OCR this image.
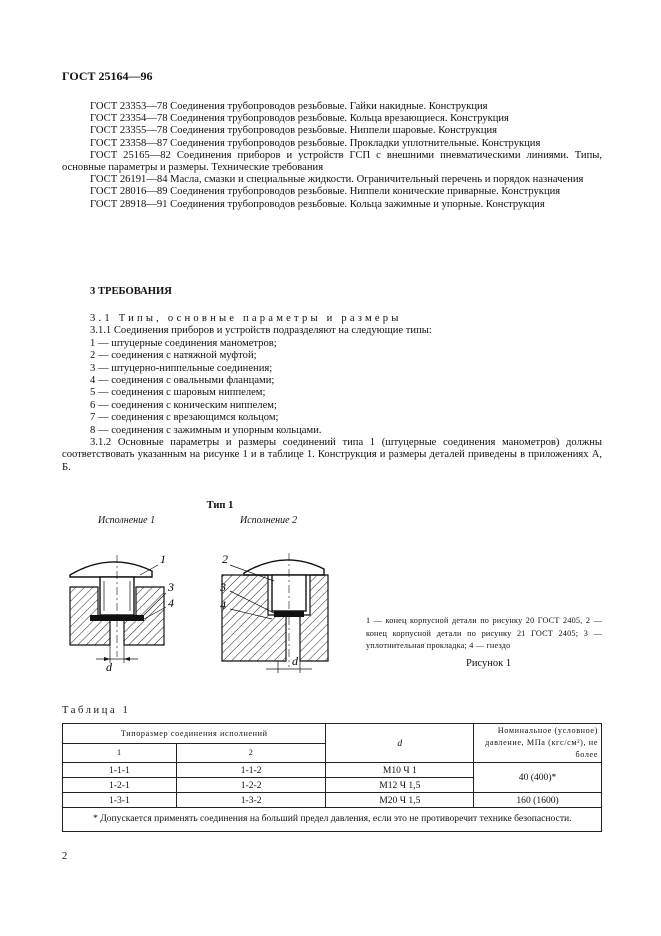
ГОСТ 25164—96

ГОСТ 23353—78 Соединения трубопроводов резьбовые. Гайки накидные. Конструкция

ГОСТ 23354—78 Соединения трубопроводов резьбовые. Кольца врезающиеся. Конструкция

ГОСТ 23355—78 Соединения трубопроводов резьбовые. Ниппели шаровые. Конструкция

ГОСТ 23358—87 Соединения трубопроводов резьбовые. Прокладки уплотнительные. Конструкция

ГОСТ 25165—82 Соединения приборов и устройств ГСП с внешними пневматическими линиями. Типы, основные параметры и размеры. Технические требования

ГОСТ 26191—84 Масла, смазки и специальные жидкости. Ограничительный перечень и порядок назначения

ГОСТ 28016—89 Соединения трубопроводов резьбовые. Ниппели конические приварные. Конструкция

ГОСТ 28918—91 Соединения трубопроводов резьбовые. Кольца зажимные и упорные. Конструкция

3 ТРЕБОВАНИЯ

3.1 Типы, основные параметры и размеры

3.1.1 Соединения приборов и устройств подразделяют на следующие типы:

1 — штуцерные соединения манометров;

2 — соединения с натяжной муфтой;

3 — штуцерно-ниппельные соединения;

4 — соединения с овальными фланцами;

5 — соединения с шаровым ниппелем;

6 — соединения с коническим ниппелем;

7 — соединения с врезающимся кольцом;

8 — соединения с зажимным и упорным кольцами.

3.1.2 Основные параметры и размеры соединений типа 1 (штуцерные соединения манометров) должны соответствовать указанным на рисунке 1 и в таблице 1. Конструкция и размеры деталей приведены в приложениях А, Б.

Тип 1
Исполнение 1	Исполнение 2
1
3
4
d
2
3
4
d
1 — конец корпусной детали по рисунку 20 ГОСТ 2405, 2 — конец корпусной детали по рисунку 21 ГОСТ 2405; 3 — уплотнительная прокладка; 4 — гнездо
Рисунок 1
Таблица 1
Типоразмер соединения исполнений		d	Номинальное (условное) давление, МПа (кгс/см²), не более
1	2		
1-1-1	1-1-2	М10 Ч 1	40 (400)*
1-2-1	1-2-2	М12 Ч 1,5	
1-3-1	1-3-2	М20 Ч 1,5	160 (1600)
* Допускается применять соединения на больший предел давления, если это не противоречит технике безопасности.			
2
